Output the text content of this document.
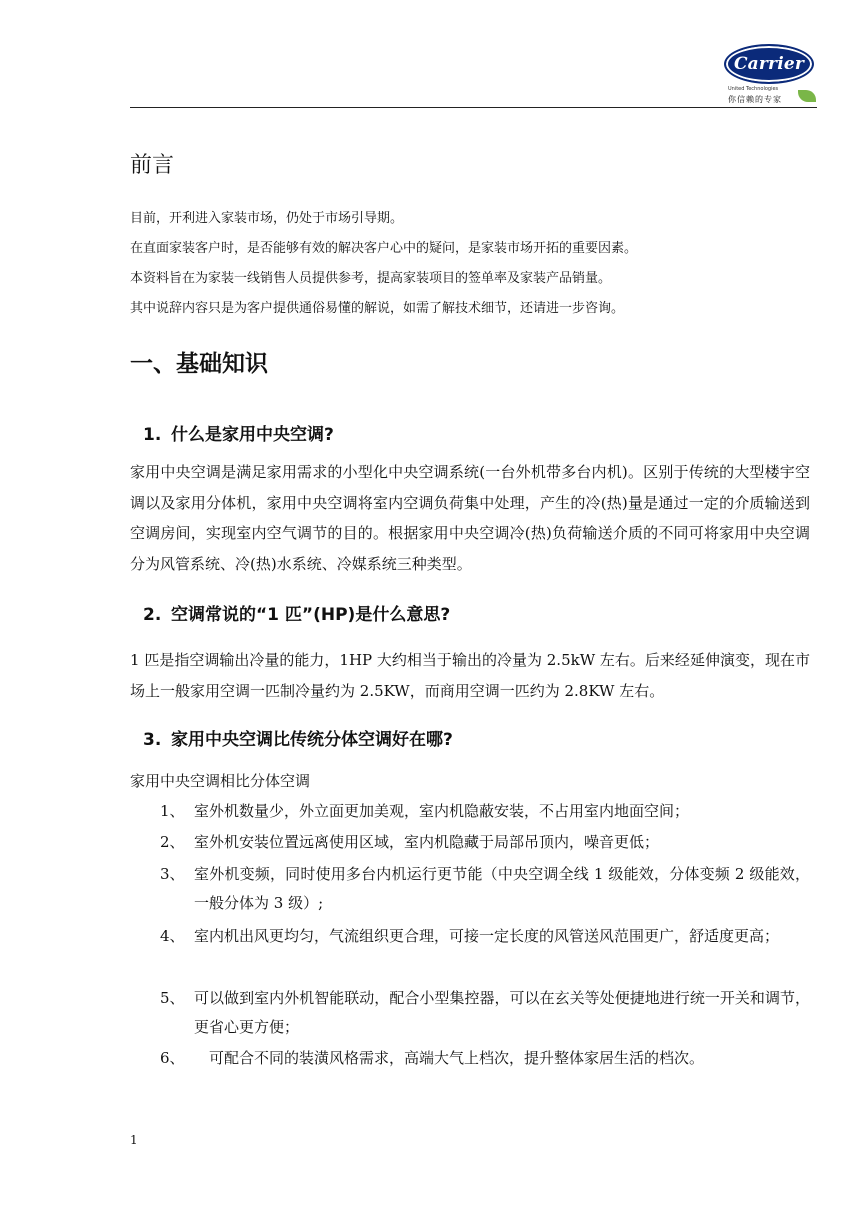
Carrier
United Technologies
你信赖的专家
前言
目前，开利进入家装市场，仍处于市场引导期。
在直面家装客户时，是否能够有效的解决客户心中的疑问，是家装市场开拓的重要因素。
本资料旨在为家装一线销售人员提供参考，提高家装项目的签单率及家装产品销量。
其中说辞内容只是为客户提供通俗易懂的解说，如需了解技术细节，还请进一步咨询。
一、基础知识
1. 什么是家用中央空调?
家用中央空调是满足家用需求的小型化中央空调系统(一台外机带多台内机)。区别于传统的大型楼宇空调以及家用分体机，家用中央空调将室内空调负荷集中处理，产生的冷(热)量是通过一定的介质输送到空调房间，实现室内空气调节的目的。根据家用中央空调冷(热)负荷输送介质的不同可将家用中央空调分为风管系统、冷(热)水系统、冷媒系统三种类型。
2. 空调常说的“1 匹”(HP)是什么意思?
1 匹是指空调输出冷量的能力，1HP 大约相当于输出的冷量为 2.5kW 左右。后来经延伸演变，现在市场上一般家用空调一匹制冷量约为 2.5KW，而商用空调一匹约为 2.8KW 左右。
3. 家用中央空调比传统分体空调好在哪?
家用中央空调相比分体空调
1、 室外机数量少，外立面更加美观，室内机隐蔽安装，不占用室内地面空间；
2、 室外机安装位置远离使用区域，室内机隐藏于局部吊顶内，噪音更低；
3、 室外机变频，同时使用多台内机运行更节能（中央空调全线 1 级能效，分体变频 2 级能效，一般分体为 3 级）;
4、 室内机出风更均匀，气流组织更合理，可接一定长度的风管送风范围更广，舒适度更高；
5、 可以做到室内外机智能联动，配合小型集控器，可以在玄关等处便捷地进行统一开关和调节，更省心更方便；
6、 　可配合不同的装潢风格需求，高端大气上档次，提升整体家居生活的档次。
1
